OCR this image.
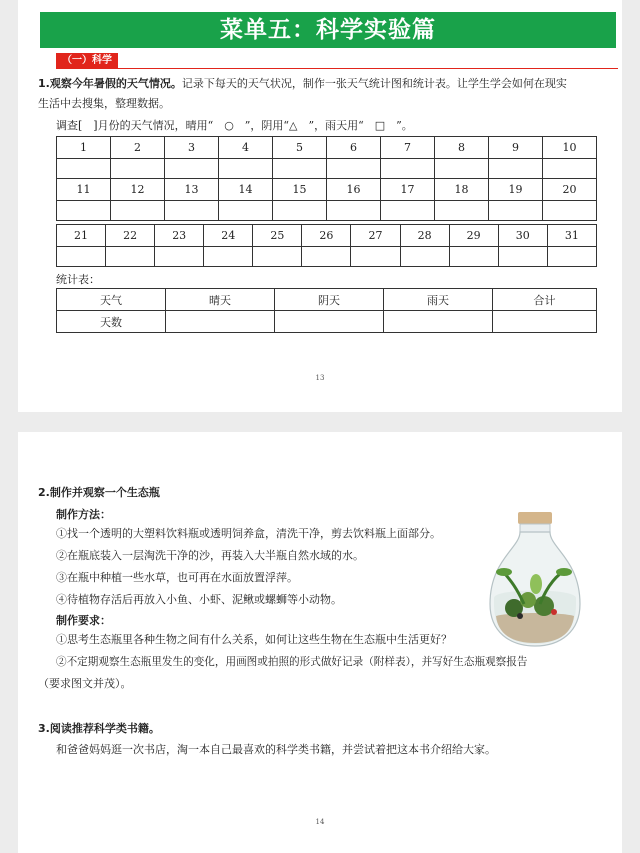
菜单五：科学实验篇
（一）科学
1.观察今年暑假的天气情况。记录下每天的天气状况，制作一张天气统计图和统计表。让学生学会如何在现实
生活中去搜集，整理数据。
调查[　]月份的天气情况，晴用“　○　”，阴用“△　”，雨天用“　□　”。
1	2	3	4	5	6	7	8	9	10

11	12	13	14	15	16	17	18	19	20

21	22	23	24	25	26	27	28	29	30	31

统计表：
天气	晴天	阴天	雨天	合计
天数				
13
2.制作并观察一个生态瓶
制作方法：
①找一个透明的大塑料饮料瓶或透明饲养盒，清洗干净，剪去饮料瓶上面部分。
②在瓶底装入一层淘洗干净的沙，再装入大半瓶自然水域的水。
③在瓶中种植一些水草，也可再在水面放置浮萍。
④待植物存活后再放入小鱼、小虾、泥鳅或螺蛳等小动物。
制作要求：
①思考生态瓶里各种生物之间有什么关系，如何让这些生物在生态瓶中生活更好？
②不定期观察生态瓶里发生的变化，用画图或拍照的形式做好记录（附样表），并写好生态瓶观察报告
（要求图文并茂）。
3.阅读推荐科学类书籍。
和爸爸妈妈逛一次书店，淘一本自己最喜欢的科学类书籍，并尝试着把这本书介绍给大家。
14
